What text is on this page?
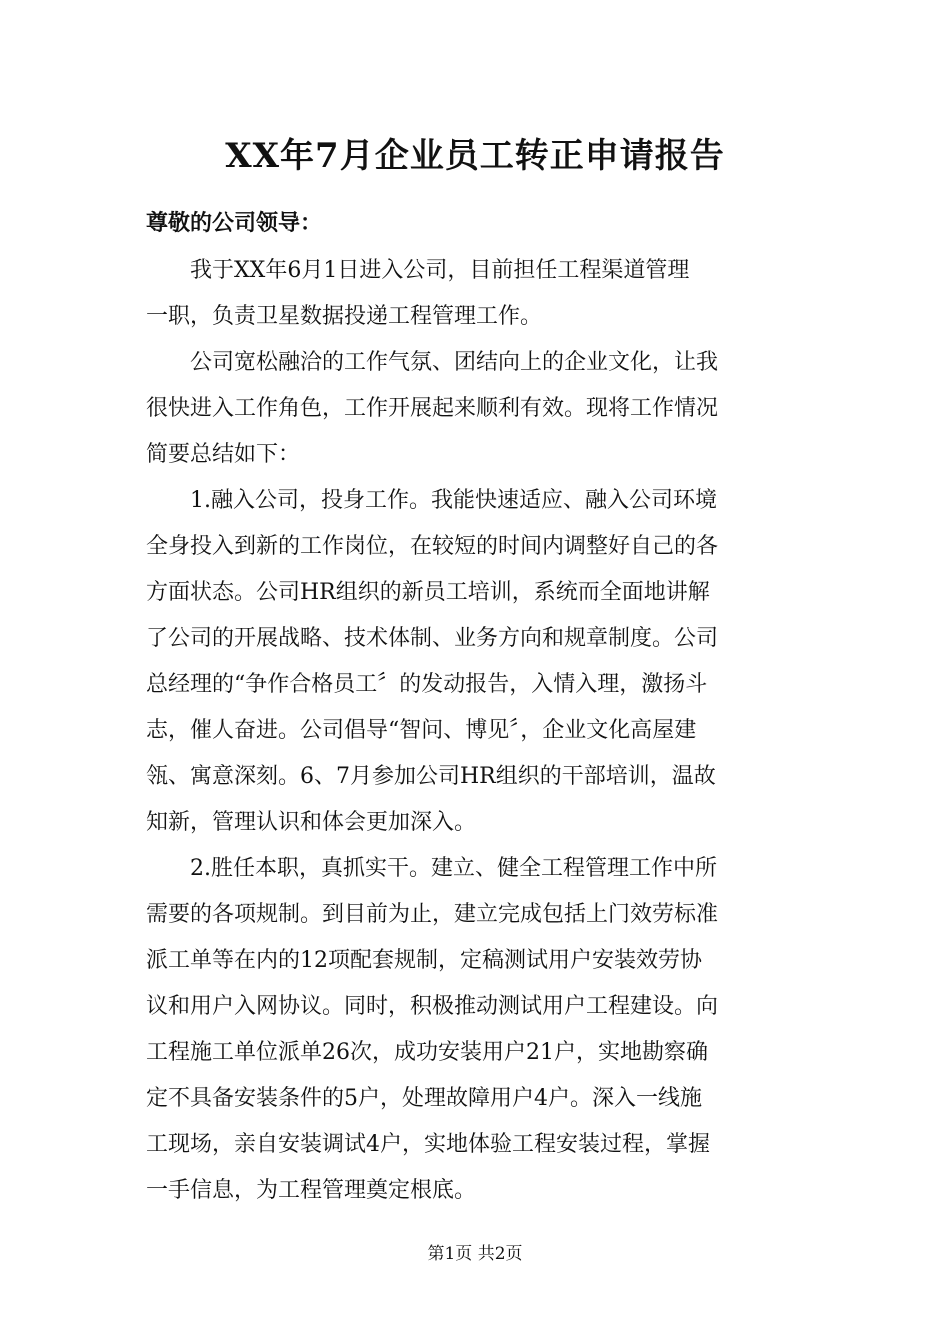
XX年7月企业员工转正申请报告
尊敬的公司领导：

我于XX年6月1日进入公司，目前担任工程渠道管理
一职，负责卫星数据投递工程管理工作。

公司宽松融洽的工作气氛、团结向上的企业文化，让我
很快进入工作角色，工作开展起来顺利有效。现将工作情况
简要总结如下：

1.融入公司，投身工作。我能快速适应、融入公司环境
全身投入到新的工作岗位，在较短的时间内调整好自己的各
方面状态。公司HR组织的新员工培训，系统而全面地讲解
了公司的开展战略、技术体制、业务方向和规章制度。公司
总经理的“争作合格员工〞的发动报告，入情入理，激扬斗
志，催人奋进。公司倡导“智问、博见〞，企业文化高屋建
瓴、寓意深刻。6、7月参加公司HR组织的干部培训，温故
知新，管理认识和体会更加深入。

2.胜任本职，真抓实干。建立、健全工程管理工作中所
需要的各项规制。到目前为止，建立完成包括上门效劳标准
派工单等在内的12项配套规制，定稿测试用户安装效劳协
议和用户入网协议。同时，积极推动测试用户工程建设。向
工程施工单位派单26次，成功安装用户21户，实地勘察确
定不具备安装条件的5户，处理故障用户4户。深入一线施
工现场，亲自安装调试4户，实地体验工程安装过程，掌握
一手信息，为工程管理奠定根底。

第1页 共2页
